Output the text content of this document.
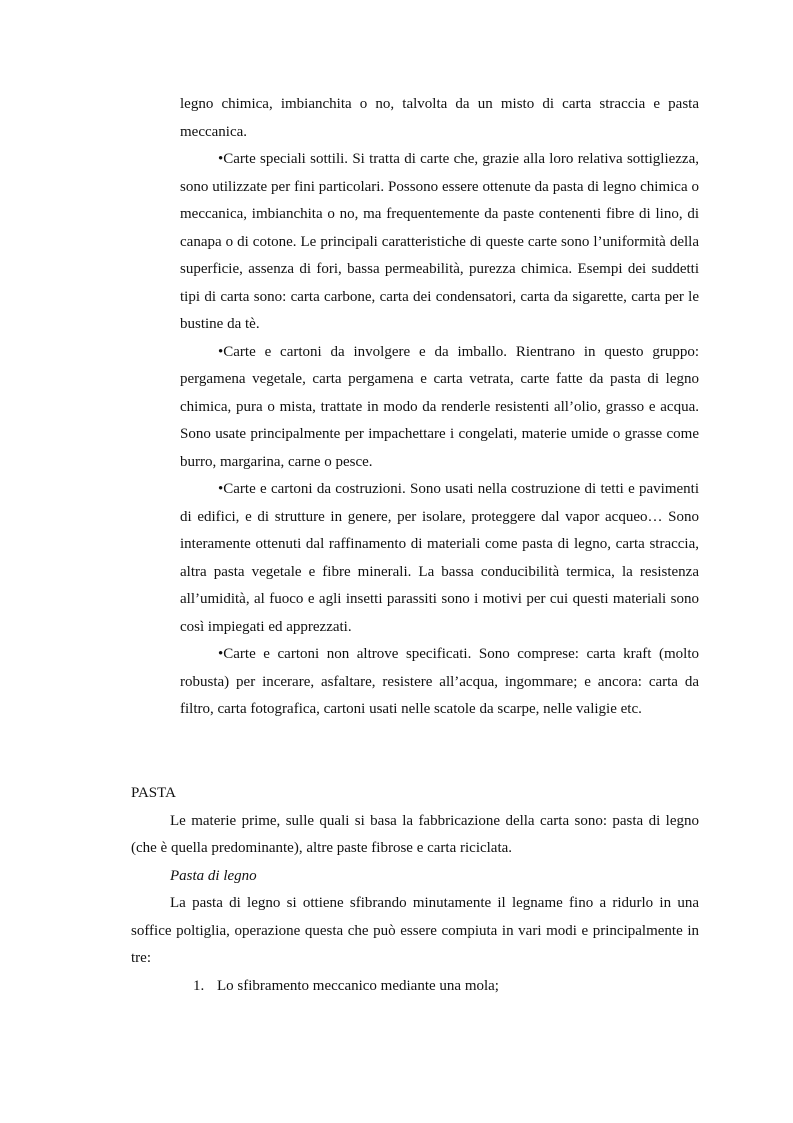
legno chimica, imbianchita o no, talvolta da un misto di carta straccia e pasta meccanica.

•Carte speciali sottili. Si tratta di carte che, grazie alla loro relativa sottigliezza, sono utilizzate per fini particolari. Possono essere ottenute da pasta di legno chimica o meccanica, imbianchita o no, ma frequentemente da paste contenenti fibre di lino, di canapa o di cotone. Le principali caratteristiche di queste carte sono l’uniformità della superficie, assenza di fori, bassa permeabilità, purezza chimica. Esempi dei suddetti tipi di carta sono: carta carbone, carta dei condensatori, carta da sigarette, carta per le bustine da tè.

•Carte e cartoni da involgere e da imballo. Rientrano in questo gruppo: pergamena vegetale, carta pergamena e carta vetrata, carte fatte da pasta di legno chimica, pura o mista, trattate in modo da renderle resistenti all’olio, grasso e acqua. Sono usate principalmente per impachettare i congelati, materie umide o grasse come burro, margarina, carne o pesce.

•Carte e cartoni da costruzioni. Sono usati nella costruzione di tetti e pavimenti di edifici, e di strutture in genere, per isolare, proteggere dal vapor acqueo… Sono interamente ottenuti dal raffinamento di materiali come pasta di legno, carta straccia, altra pasta vegetale e fibre minerali. La bassa conducibilità termica, la resistenza all’umidità, al fuoco e agli insetti parassiti sono i motivi per cui questi materiali sono così impiegati ed apprezzati.

•Carte e cartoni non altrove specificati. Sono comprese: carta kraft (molto robusta) per incerare, asfaltare, resistere all’acqua, ingommare; e ancora: carta da filtro, carta fotografica, cartoni usati nelle scatole da scarpe, nelle valigie etc.

PASTA

Le materie prime, sulle quali si basa la fabbricazione della carta sono: pasta di legno (che è quella predominante), altre paste fibrose e carta riciclata.

Pasta di legno

La pasta di legno si ottiene sfibrando minutamente il legname fino a ridurlo in una soffice poltiglia, operazione questa che può essere compiuta in vari modi e principalmente in tre:

1. Lo sfibramento meccanico mediante una mola;
